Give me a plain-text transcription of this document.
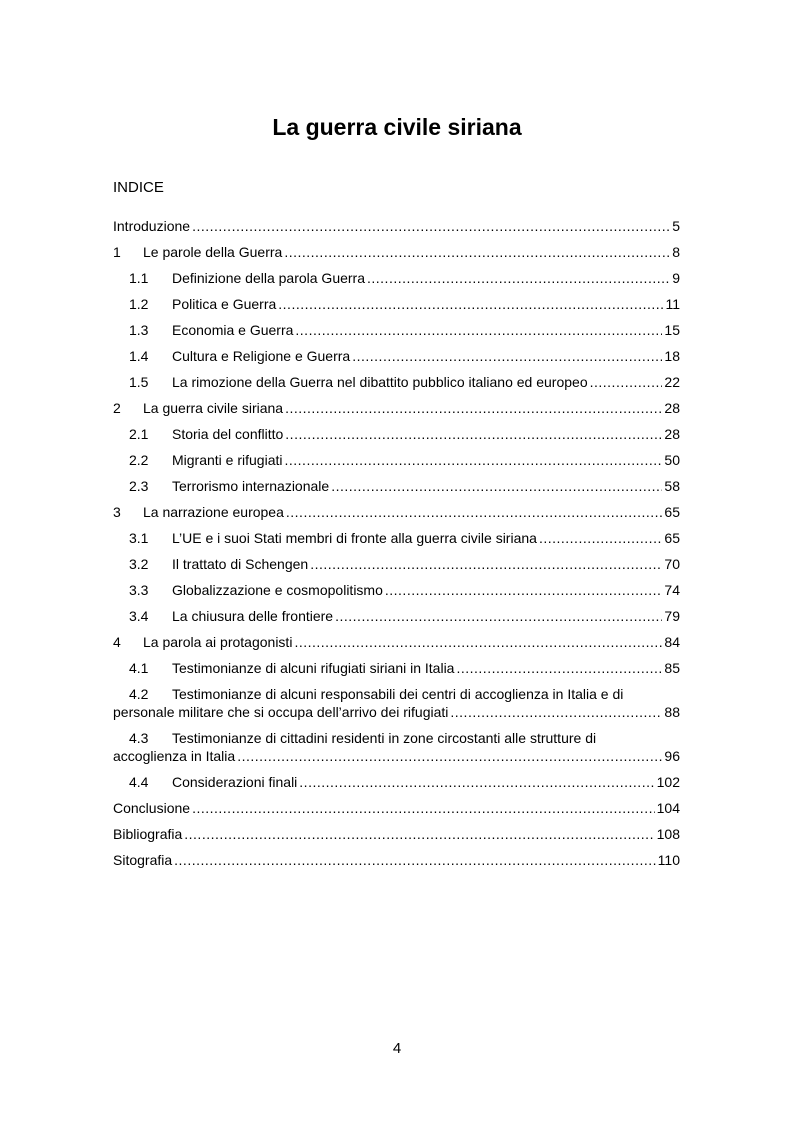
La guerra civile siriana

INDICE

Introduzione .....	5
1	Le parole della Guerra .....	8
1.1	Definizione della parola Guerra .....	9
1.2	Politica e Guerra .....	11
1.3	Economia e Guerra .....	15
1.4	Cultura e Religione e Guerra .....	18
1.5	La rimozione della Guerra nel dibattito pubblico italiano ed europeo .....	22
2	La guerra civile siriana .....	28
2.1	Storia del conflitto .....	28
2.2	Migranti e rifugiati .....	50
2.3	Terrorismo internazionale .....	58
3	La narrazione europea .....	65
3.1	L’UE e i suoi Stati membri di fronte alla guerra civile siriana .....	65
3.2	Il trattato di Schengen .....	70
3.3	Globalizzazione e cosmopolitismo .....	74
3.4	La chiusura delle frontiere .....	79
4	La parola ai protagonisti .....	84
4.1	Testimonianze di alcuni rifugiati siriani in Italia .....	85
4.2 Testimonianze di alcuni responsabili dei centri di accoglienza in Italia e di
personale militare che si occupa dell’arrivo dei rifugiati .....	88
4.3 Testimonianze di cittadini residenti in zone circostanti alle strutture di
accoglienza in Italia .....	96
4.4	Considerazioni finali .....	102
Conclusione .....	104
Bibliografia .....	108
Sitografia .....	110

4
